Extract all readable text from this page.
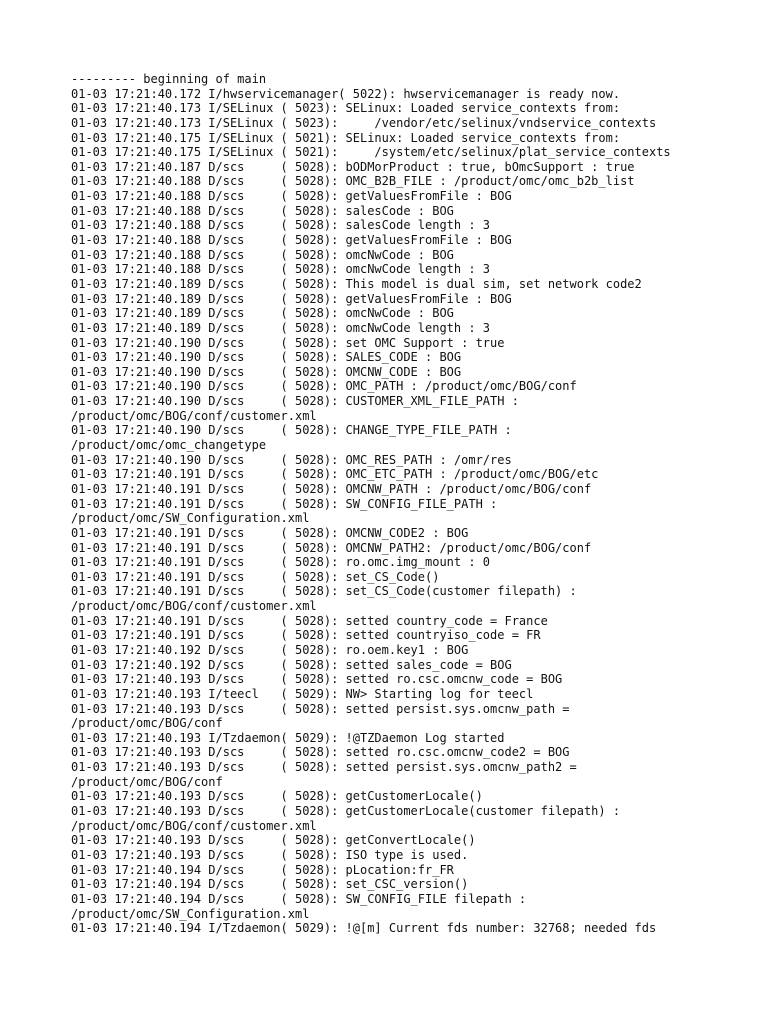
--------- beginning of main
01-03 17:21:40.172 I/hwservicemanager( 5022): hwservicemanager is ready now.
01-03 17:21:40.173 I/SELinux ( 5023): SELinux: Loaded service_contexts from:
01-03 17:21:40.173 I/SELinux ( 5023):     /vendor/etc/selinux/vndservice_contexts
01-03 17:21:40.175 I/SELinux ( 5021): SELinux: Loaded service_contexts from:
01-03 17:21:40.175 I/SELinux ( 5021):     /system/etc/selinux/plat_service_contexts
01-03 17:21:40.187 D/scs     ( 5028): bODMorProduct : true, bOmcSupport : true
01-03 17:21:40.188 D/scs     ( 5028): OMC_B2B_FILE : /product/omc/omc_b2b_list
01-03 17:21:40.188 D/scs     ( 5028): getValuesFromFile : BOG
01-03 17:21:40.188 D/scs     ( 5028): salesCode : BOG
01-03 17:21:40.188 D/scs     ( 5028): salesCode length : 3
01-03 17:21:40.188 D/scs     ( 5028): getValuesFromFile : BOG
01-03 17:21:40.188 D/scs     ( 5028): omcNwCode : BOG
01-03 17:21:40.188 D/scs     ( 5028): omcNwCode length : 3
01-03 17:21:40.189 D/scs     ( 5028): This model is dual sim, set network code2
01-03 17:21:40.189 D/scs     ( 5028): getValuesFromFile : BOG
01-03 17:21:40.189 D/scs     ( 5028): omcNwCode : BOG
01-03 17:21:40.189 D/scs     ( 5028): omcNwCode length : 3
01-03 17:21:40.190 D/scs     ( 5028): set OMC Support : true
01-03 17:21:40.190 D/scs     ( 5028): SALES_CODE : BOG
01-03 17:21:40.190 D/scs     ( 5028): OMCNW_CODE : BOG
01-03 17:21:40.190 D/scs     ( 5028): OMC_PATH : /product/omc/BOG/conf
01-03 17:21:40.190 D/scs     ( 5028): CUSTOMER_XML_FILE_PATH :
/product/omc/BOG/conf/customer.xml
01-03 17:21:40.190 D/scs     ( 5028): CHANGE_TYPE_FILE_PATH :
/product/omc/omc_changetype
01-03 17:21:40.190 D/scs     ( 5028): OMC_RES_PATH : /omr/res
01-03 17:21:40.191 D/scs     ( 5028): OMC_ETC_PATH : /product/omc/BOG/etc
01-03 17:21:40.191 D/scs     ( 5028): OMCNW_PATH : /product/omc/BOG/conf
01-03 17:21:40.191 D/scs     ( 5028): SW_CONFIG_FILE_PATH :
/product/omc/SW_Configuration.xml
01-03 17:21:40.191 D/scs     ( 5028): OMCNW_CODE2 : BOG
01-03 17:21:40.191 D/scs     ( 5028): OMCNW_PATH2: /product/omc/BOG/conf
01-03 17:21:40.191 D/scs     ( 5028): ro.omc.img_mount : 0
01-03 17:21:40.191 D/scs     ( 5028): set_CS_Code()
01-03 17:21:40.191 D/scs     ( 5028): set_CS_Code(customer filepath) :
/product/omc/BOG/conf/customer.xml
01-03 17:21:40.191 D/scs     ( 5028): setted country_code = France
01-03 17:21:40.191 D/scs     ( 5028): setted countryiso_code = FR
01-03 17:21:40.192 D/scs     ( 5028): ro.oem.key1 : BOG
01-03 17:21:40.192 D/scs     ( 5028): setted sales_code = BOG
01-03 17:21:40.193 D/scs     ( 5028): setted ro.csc.omcnw_code = BOG
01-03 17:21:40.193 I/teecl   ( 5029): NW> Starting log for teecl
01-03 17:21:40.193 D/scs     ( 5028): setted persist.sys.omcnw_path =
/product/omc/BOG/conf
01-03 17:21:40.193 I/Tzdaemon( 5029): !@TZDaemon Log started
01-03 17:21:40.193 D/scs     ( 5028): setted ro.csc.omcnw_code2 = BOG
01-03 17:21:40.193 D/scs     ( 5028): setted persist.sys.omcnw_path2 =
/product/omc/BOG/conf
01-03 17:21:40.193 D/scs     ( 5028): getCustomerLocale()
01-03 17:21:40.193 D/scs     ( 5028): getCustomerLocale(customer filepath) :
/product/omc/BOG/conf/customer.xml
01-03 17:21:40.193 D/scs     ( 5028): getConvertLocale()
01-03 17:21:40.193 D/scs     ( 5028): ISO type is used.
01-03 17:21:40.194 D/scs     ( 5028): pLocation:fr_FR
01-03 17:21:40.194 D/scs     ( 5028): set_CSC_version()
01-03 17:21:40.194 D/scs     ( 5028): SW_CONFIG_FILE filepath :
/product/omc/SW_Configuration.xml
01-03 17:21:40.194 I/Tzdaemon( 5029): !@[m] Current fds number: 32768; needed fds
